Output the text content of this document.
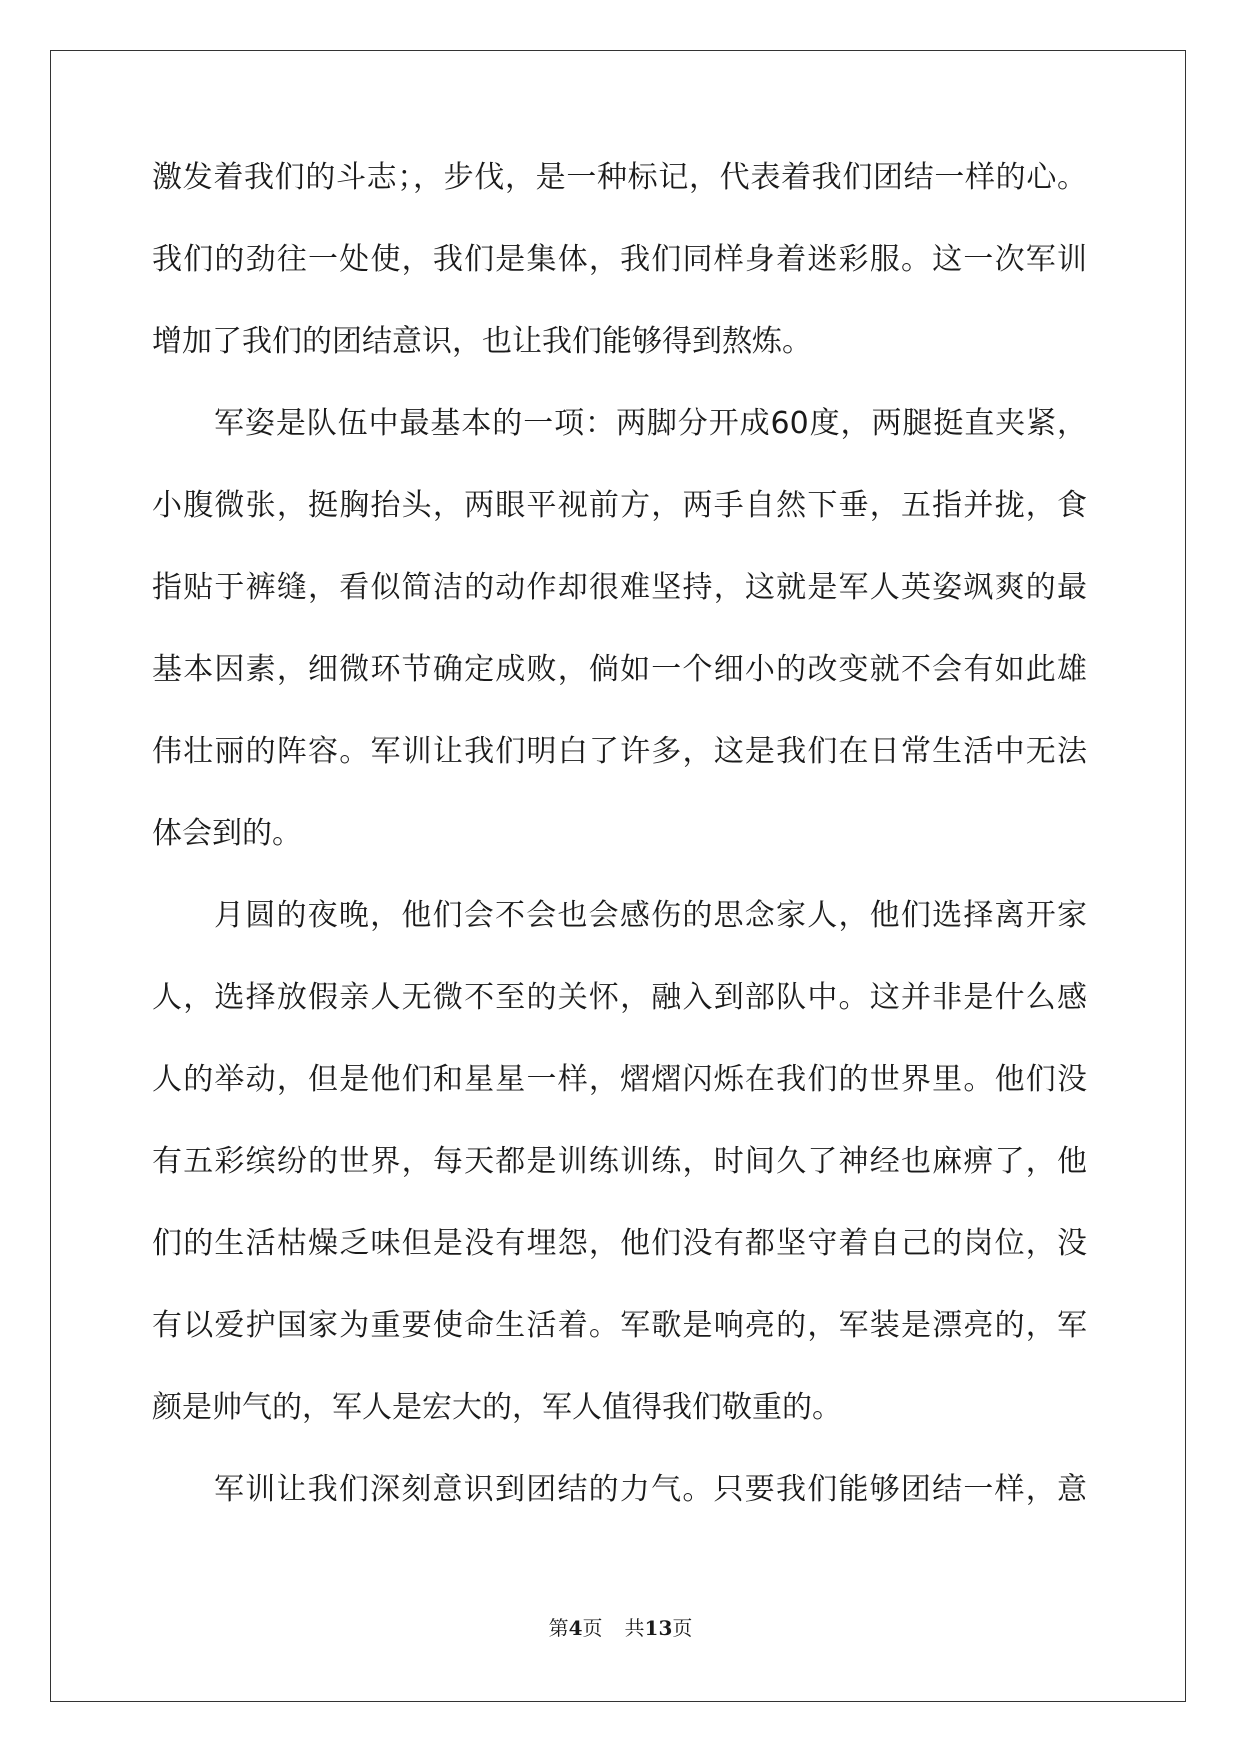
激发着我们的斗志；，步伐，是一种标记，代表着我们团结一样的心。
我们的劲往一处使，我们是集体，我们同样身着迷彩服。这一次军训
增加了我们的团结意识，也让我们能够得到熬炼。
军姿是队伍中最基本的一项：两脚分开成60度，两腿挺直夹紧，
小腹微张，挺胸抬头，两眼平视前方，两手自然下垂，五指并拢，食
指贴于裤缝，看似简洁的动作却很难坚持，这就是军人英姿飒爽的最
基本因素，细微环节确定成败，倘如一个细小的改变就不会有如此雄
伟壮丽的阵容。军训让我们明白了许多，这是我们在日常生活中无法
体会到的。
月圆的夜晚，他们会不会也会感伤的思念家人，他们选择离开家
人，选择放假亲人无微不至的关怀，融入到部队中。这并非是什么感
人的举动，但是他们和星星一样，熠熠闪烁在我们的世界里。他们没
有五彩缤纷的世界，每天都是训练训练，时间久了神经也麻痹了，他
们的生活枯燥乏味但是没有埋怨，他们没有都坚守着自己的岗位，没
有以爱护国家为重要使命生活着。军歌是响亮的，军装是漂亮的，军
颜是帅气的，军人是宏大的，军人值得我们敬重的。
军训让我们深刻意识到团结的力气。只要我们能够团结一样，意
第4页 共13页
